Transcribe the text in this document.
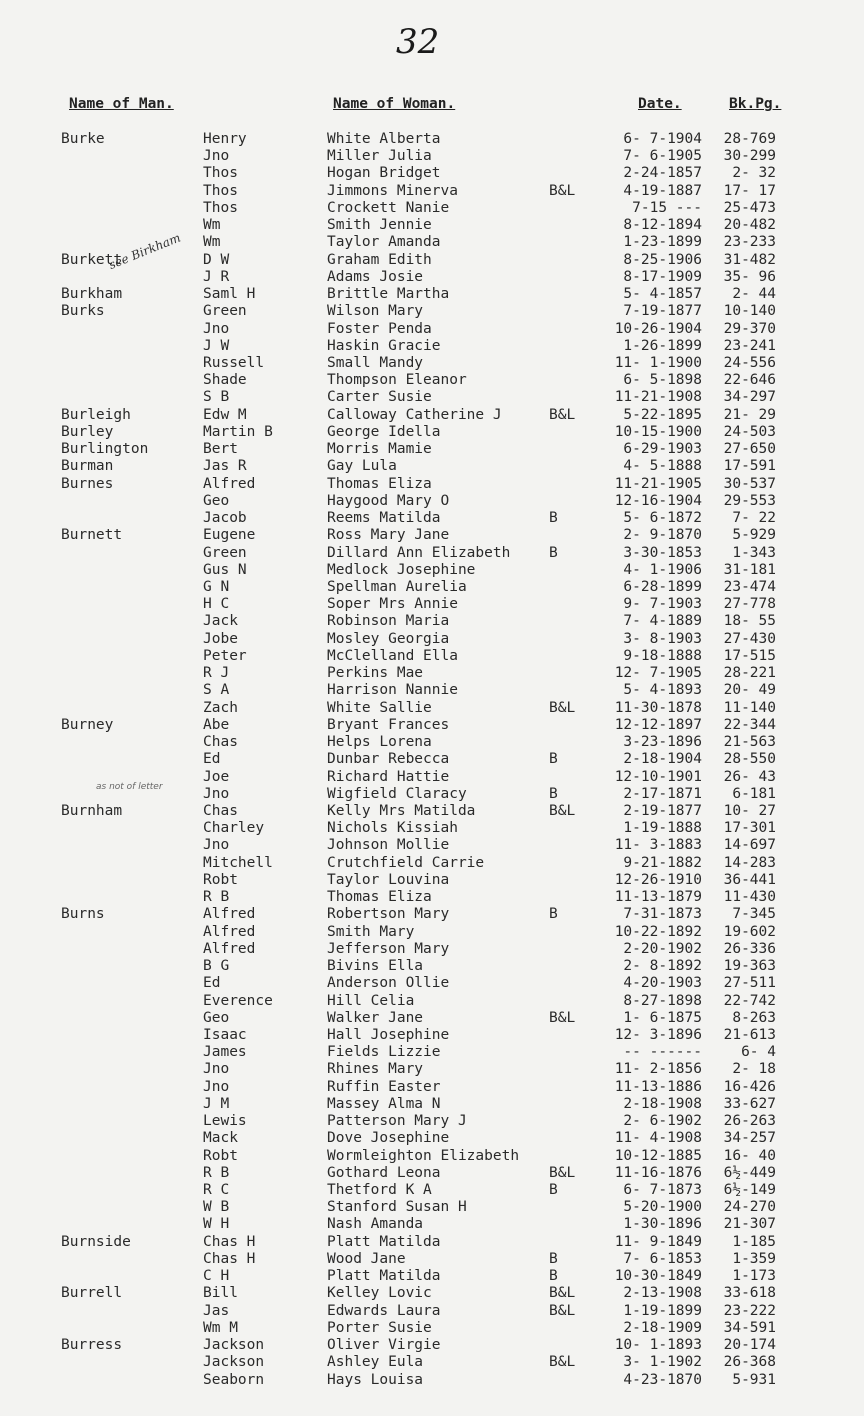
32
Name of Man.	Name of Woman.	Date.	Bk.Pg.
Burke	Henry	White Alberta	6- 7-1904	28-769
Jno	Miller Julia	7- 6-1905	30-299
Thos	Hogan Bridget	2-24-1857	2- 32
Thos	Jimmons Minerva	B&L	4-19-1887	17- 17
Thos	Crockett Nanie	7-15 ---	25-473
Wm	Smith Jennie	8-12-1894	20-482
Wm	Taylor Amanda	1-23-1899	23-233
Burkett	D W	Graham Edith	8-25-1906	31-482
J R	Adams Josie	8-17-1909	35- 96
Burkham	Saml H	Brittle Martha	5- 4-1857	2- 44
Burks	Green	Wilson Mary	7-19-1877	10-140
Jno	Foster Penda	10-26-1904	29-370
J W	Haskin Gracie	1-26-1899	23-241
Russell	Small Mandy	11- 1-1900	24-556
Shade	Thompson Eleanor	6- 5-1898	22-646
S B	Carter Susie	11-21-1908	34-297
Burleigh	Edw M	Calloway Catherine J	B&L	5-22-1895	21- 29
Burley	Martin B	George Idella	10-15-1900	24-503
Burlington	Bert	Morris Mamie	6-29-1903	27-650
Burman	Jas R	Gay Lula	4- 5-1888	17-591
Burnes	Alfred	Thomas Eliza	11-21-1905	30-537
Geo	Haygood Mary O	12-16-1904	29-553
Jacob	Reems Matilda	B	5- 6-1872	7- 22
Burnett	Eugene	Ross Mary Jane	2- 9-1870	5-929
Green	Dillard Ann Elizabeth	B	3-30-1853	1-343
Gus N	Medlock Josephine	4- 1-1906	31-181
G N	Spellman Aurelia	6-28-1899	23-474
H C	Soper Mrs Annie	9- 7-1903	27-778
Jack	Robinson Maria	7- 4-1889	18- 55
Jobe	Mosley Georgia	3- 8-1903	27-430
Peter	McClelland Ella	9-18-1888	17-515
R J	Perkins Mae	12- 7-1905	28-221
S A	Harrison Nannie	5- 4-1893	20- 49
Zach	White Sallie	B&L	11-30-1878	11-140
Burney	Abe	Bryant Frances	12-12-1897	22-344
Chas	Helps Lorena	3-23-1896	21-563
Ed	Dunbar Rebecca	B	2-18-1904	28-550
Joe	Richard Hattie	12-10-1901	26- 43
Jno	Wigfield Claracy	B	2-17-1871	6-181
Burnham	Chas	Kelly Mrs Matilda	B&L	2-19-1877	10- 27
Charley	Nichols Kissiah	1-19-1888	17-301
Jno	Johnson Mollie	11- 3-1883	14-697
Mitchell	Crutchfield Carrie	9-21-1882	14-283
Robt	Taylor Louvina	12-26-1910	36-441
R B	Thomas Eliza	11-13-1879	11-430
Burns	Alfred	Robertson Mary	B	7-31-1873	7-345
Alfred	Smith Mary	10-22-1892	19-602
Alfred	Jefferson Mary	2-20-1902	26-336
B G	Bivins Ella	2- 8-1892	19-363
Ed	Anderson Ollie	4-20-1903	27-511
Everence	Hill Celia	8-27-1898	22-742
Geo	Walker Jane	B&L	1- 6-1875	8-263
Isaac	Hall Josephine	12- 3-1896	21-613
James	Fields Lizzie	-- ------	6- 4
Jno	Rhines Mary	11- 2-1856	2- 18
Jno	Ruffin Easter	11-13-1886	16-426
J M	Massey Alma N	2-18-1908	33-627
Lewis	Patterson Mary J	2- 6-1902	26-263
Mack	Dove Josephine	11- 4-1908	34-257
Robt	Wormleighton Elizabeth	10-12-1885	16- 40
R B	Gothard Leona	B&L	11-16-1876	6½-449
R C	Thetford K A	B	6- 7-1873	6½-149
W B	Stanford Susan H	5-20-1900	24-270
W H	Nash Amanda	1-30-1896	21-307
Burnside	Chas H	Platt Matilda	11- 9-1849	1-185
Chas H	Wood Jane	B	7- 6-1853	1-359
C H	Platt Matilda	B	10-30-1849	1-173
Burrell	Bill	Kelley Lovic	B&L	2-13-1908	33-618
Jas	Edwards Laura	B&L	1-19-1899	23-222
Wm M	Porter Susie	2-18-1909	34-591
Burress	Jackson	Oliver Virgie	10- 1-1893	20-174
Jackson	Ashley Eula	B&L	3- 1-1902	26-368
Seaborn	Hays Louisa	4-23-1870	5-931
see Birkham
as not of letter
